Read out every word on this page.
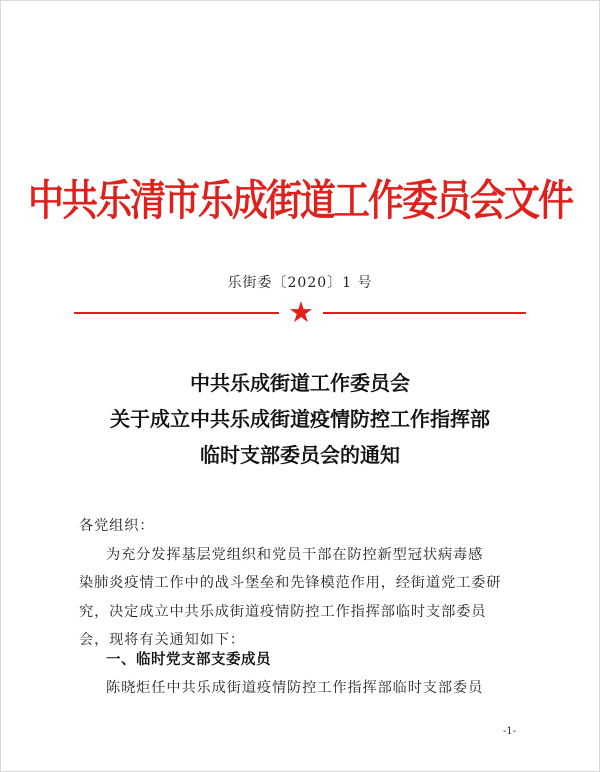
中共乐清市乐成街道工作委员会文件
乐街委〔2020〕1 号
★
中共乐成街道工作委员会
关于成立中共乐成街道疫情防控工作指挥部
临时支部委员会的通知
各党组织：
为充分发挥基层党组织和党员干部在防控新型冠状病毒感
染肺炎疫情工作中的战斗堡垒和先锋模范作用，经街道党工委研
究，决定成立中共乐成街道疫情防控工作指挥部临时支部委员
会，现将有关通知如下：
一、临时党支部支委成员
陈晓炬任中共乐成街道疫情防控工作指挥部临时支部委员
-1-
